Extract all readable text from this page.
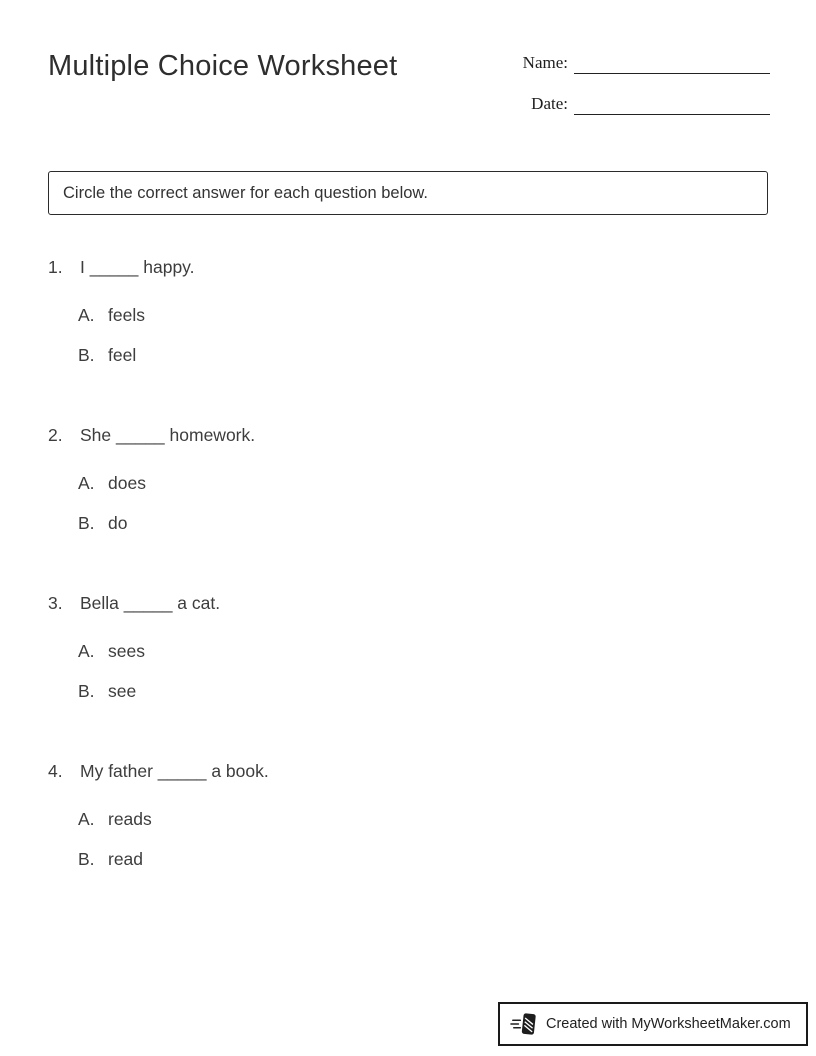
Multiple Choice Worksheet	Name:
Date:
Circle the correct answer for each question below.
1. I _____ happy.
A. feels
B. feel
2. She _____ homework.
A. does
B. do
3. Bella _____ a cat.
A. sees
B. see
4. My father _____ a book.
A. reads
B. read
Created with MyWorksheetMaker.com
